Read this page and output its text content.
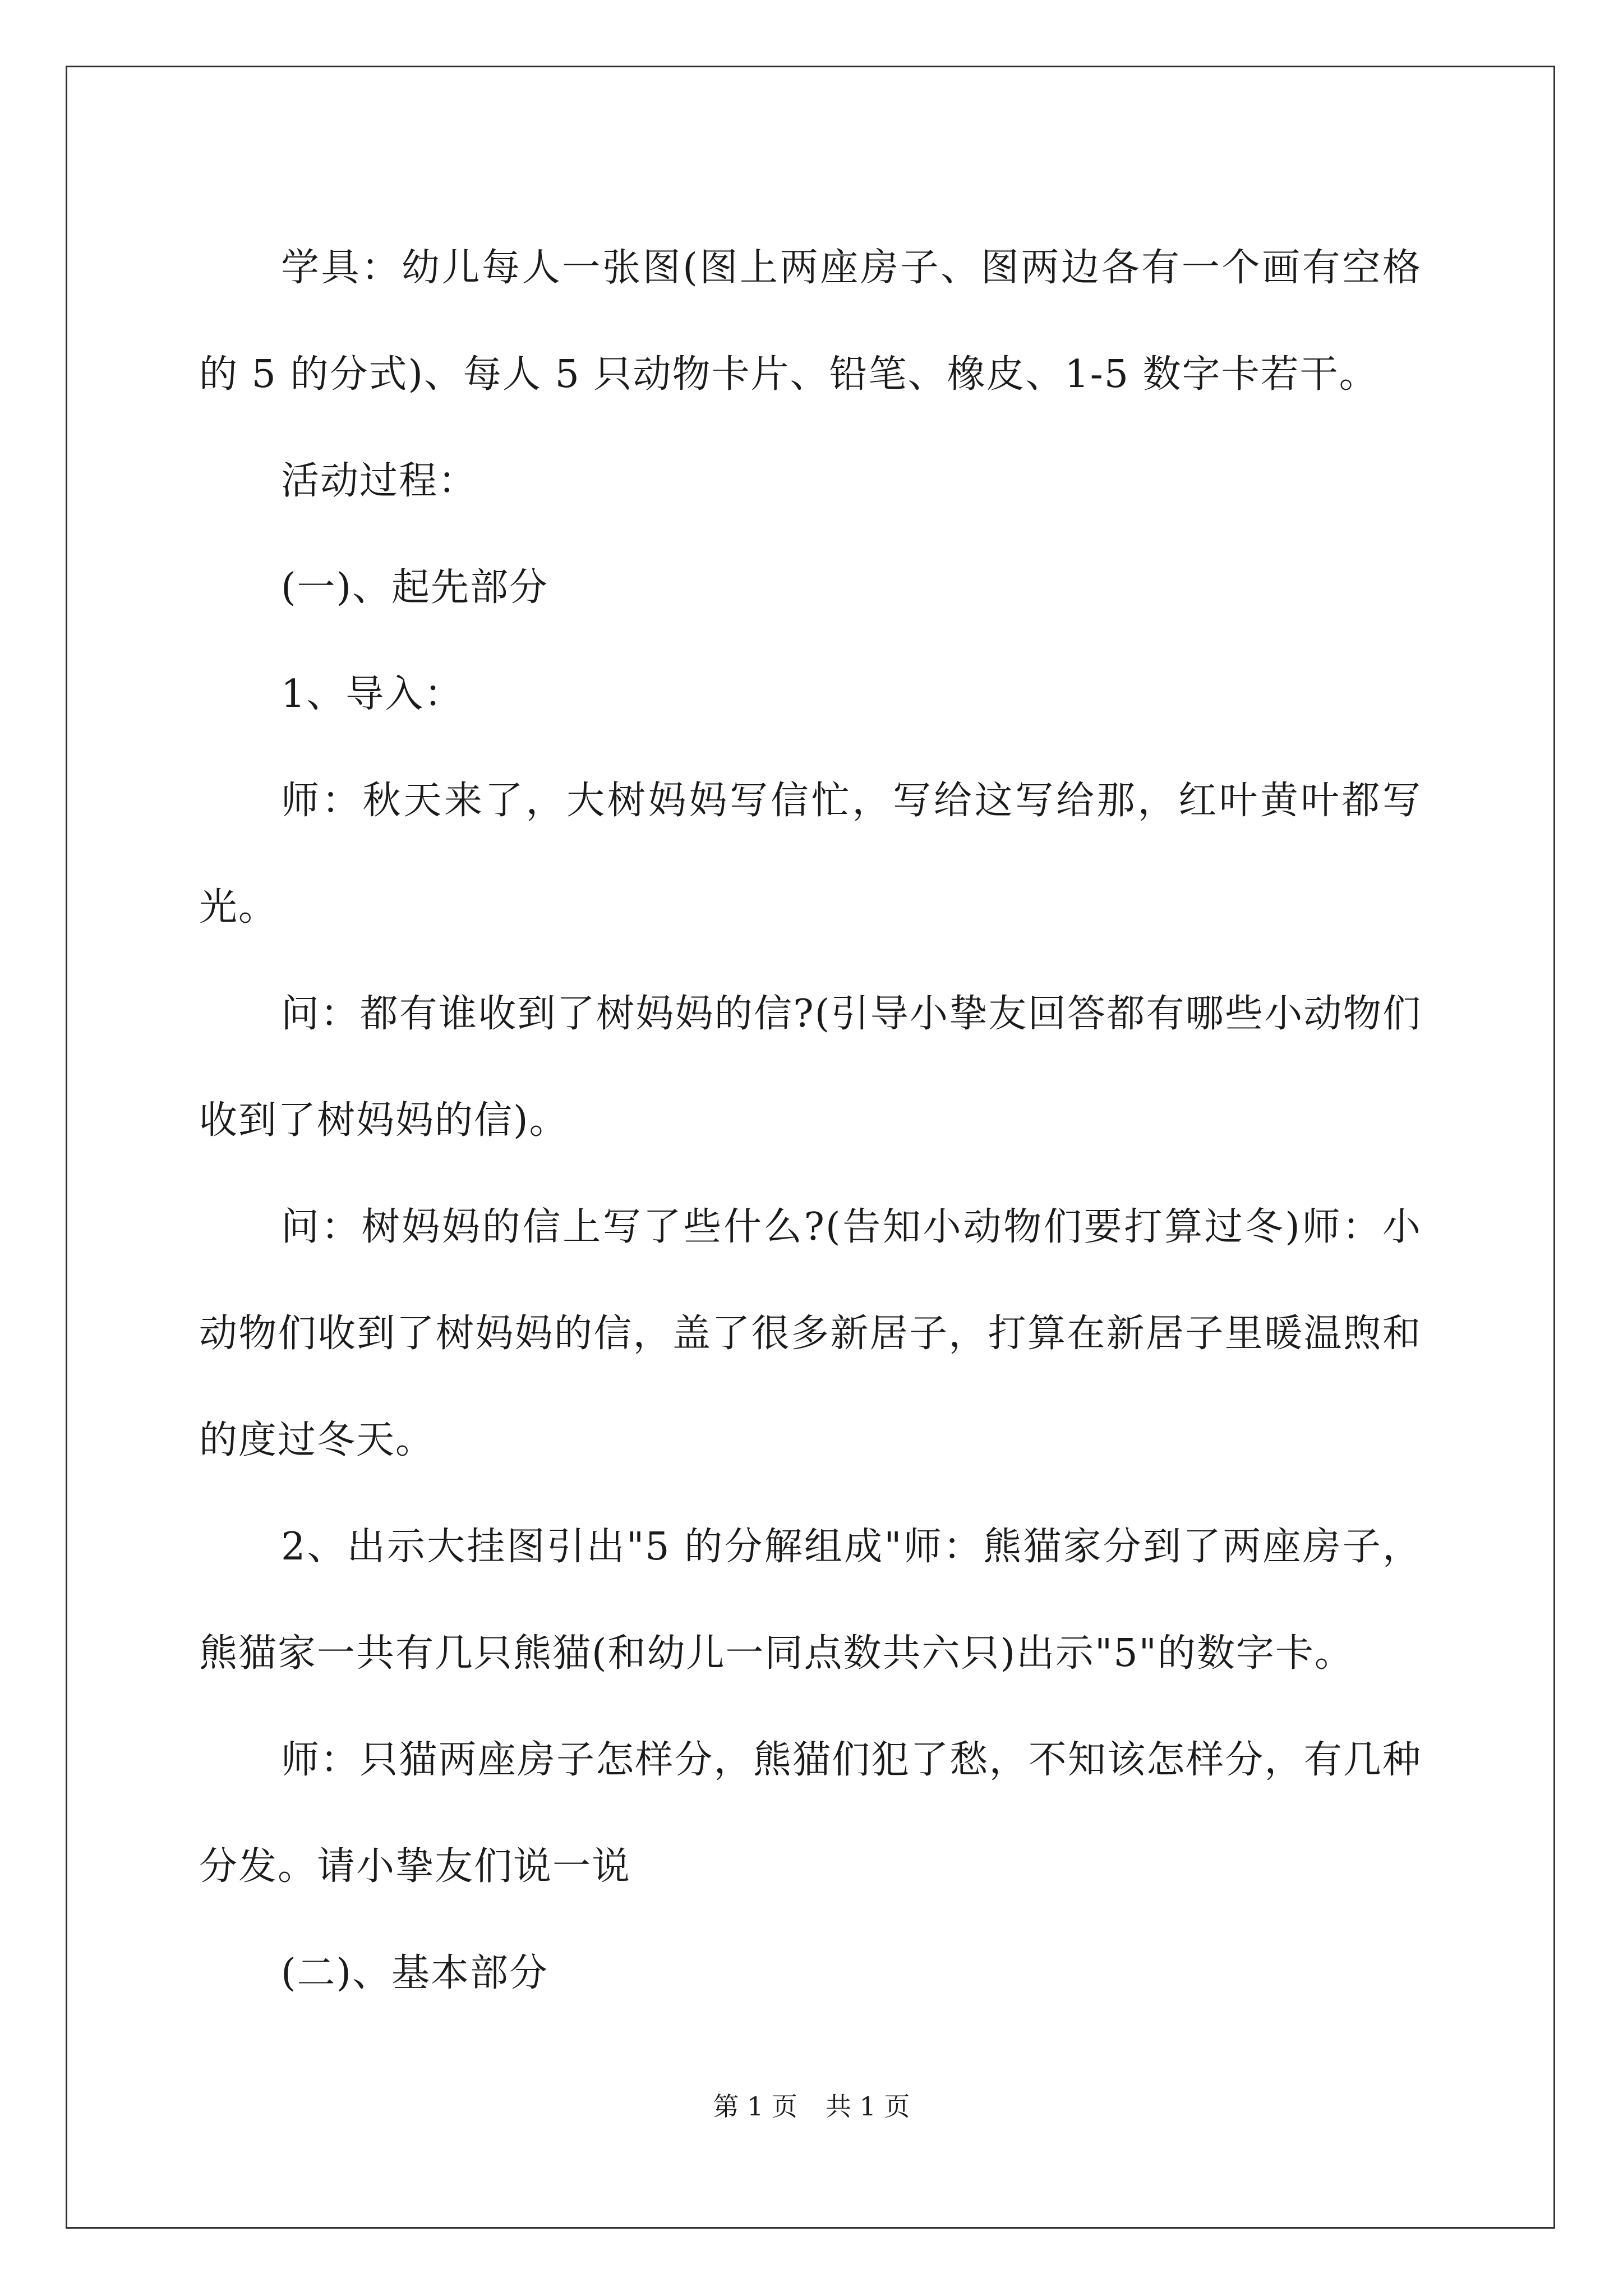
学具：幼儿每人一张图(图上两座房子、图两边各有一个画有空格的 5 的分式)、每人 5 只动物卡片、铅笔、橡皮、1-5 数字卡若干。

活动过程：

(一)、起先部分

1、导入：

师：秋天来了，大树妈妈写信忙，写给这写给那，红叶黄叶都写光。

问：都有谁收到了树妈妈的信?(引导小挚友回答都有哪些小动物们收到了树妈妈的信)。

问：树妈妈的信上写了些什么?(告知小动物们要打算过冬)师：小动物们收到了树妈妈的信，盖了很多新居子，打算在新居子里暖温煦和的度过冬天。

2、出示大挂图引出"5 的分解组成"师：熊猫家分到了两座房子，熊猫家一共有几只熊猫(和幼儿一同点数共六只)出示"5"的数字卡。

师：只猫两座房子怎样分，熊猫们犯了愁，不知该怎样分，有几种分发。请小挚友们说一说

(二)、基本部分

第 1 页 共 1 页
